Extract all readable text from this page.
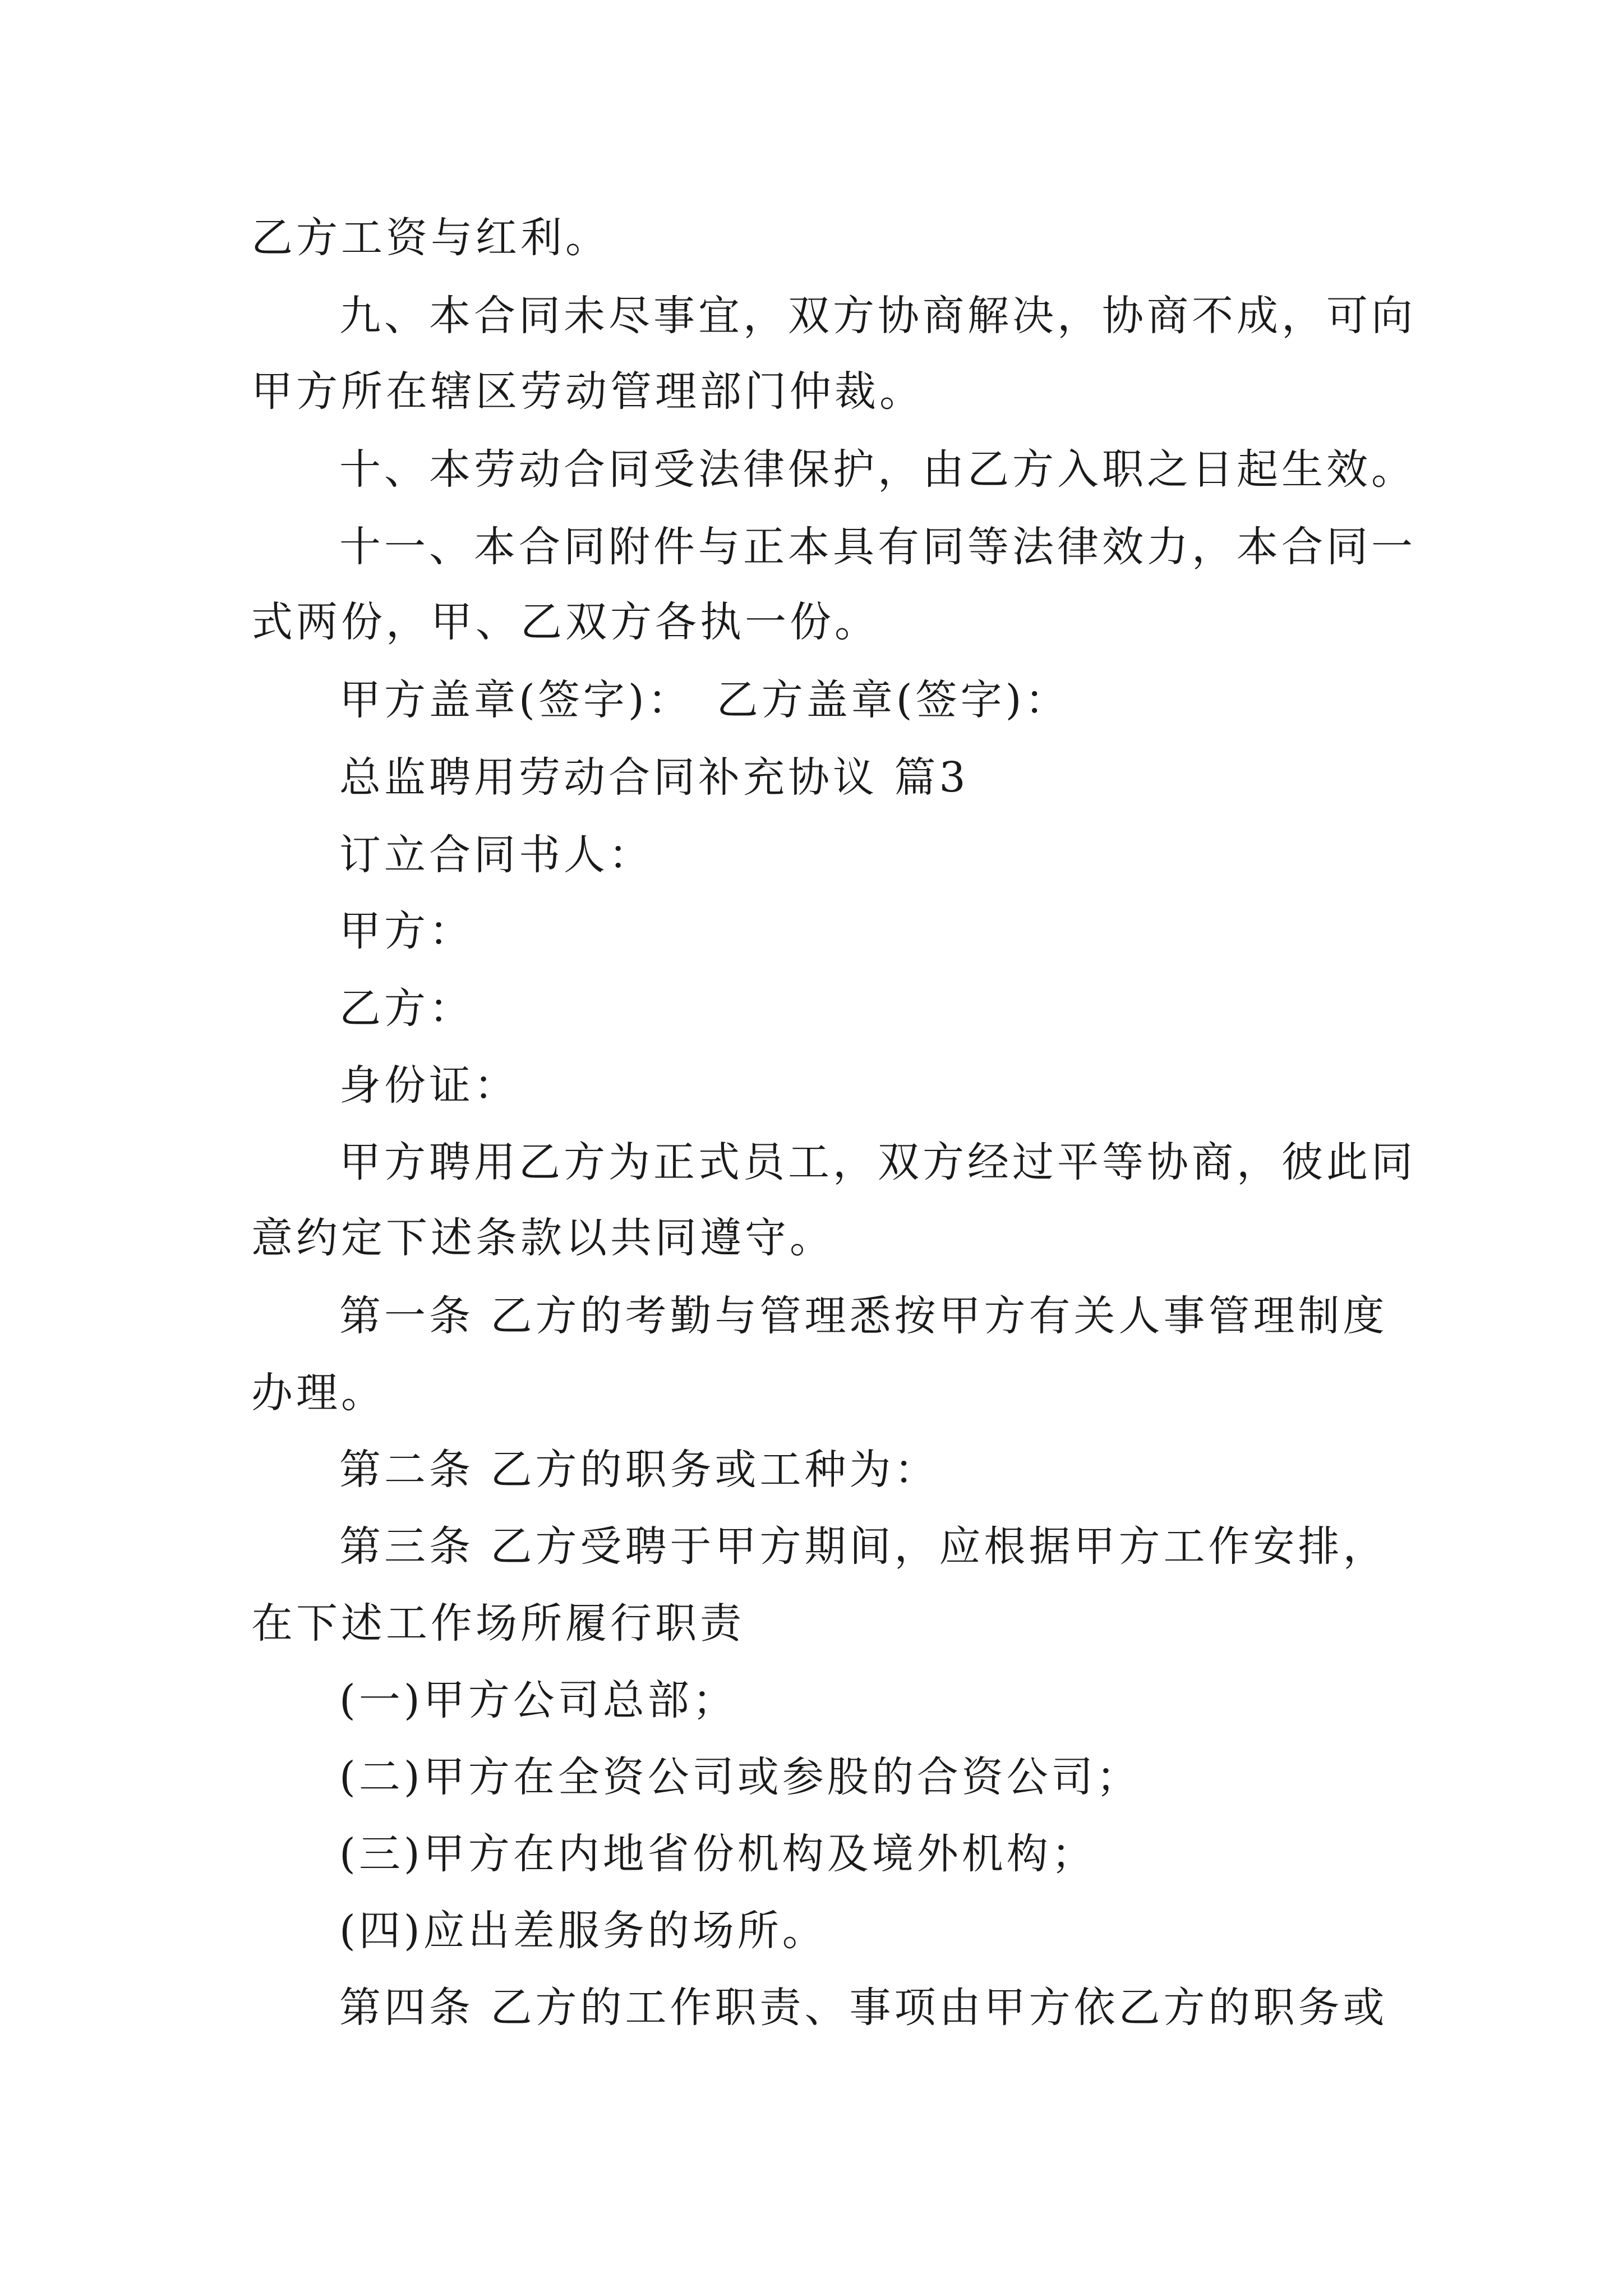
乙方工资与红利。
九、本合同未尽事宜，双方协商解决，协商不成，可向
甲方所在辖区劳动管理部门仲裁。
十、本劳动合同受法律保护，由乙方入职之日起生效。
十一、本合同附件与正本具有同等法律效力，本合同一
式两份，甲、乙双方各执一份。
甲方盖章(签字)：　乙方盖章(签字)：
总监聘用劳动合同补充协议 篇3
订立合同书人：
甲方：
乙方：
身份证：
甲方聘用乙方为正式员工，双方经过平等协商，彼此同
意约定下述条款以共同遵守。
第一条 乙方的考勤与管理悉按甲方有关人事管理制度
办理。
第二条 乙方的职务或工种为：
第三条 乙方受聘于甲方期间，应根据甲方工作安排，
在下述工作场所履行职责
(一)甲方公司总部；
(二)甲方在全资公司或参股的合资公司；
(三)甲方在内地省份机构及境外机构；
(四)应出差服务的场所。
第四条 乙方的工作职责、事项由甲方依乙方的职务或
